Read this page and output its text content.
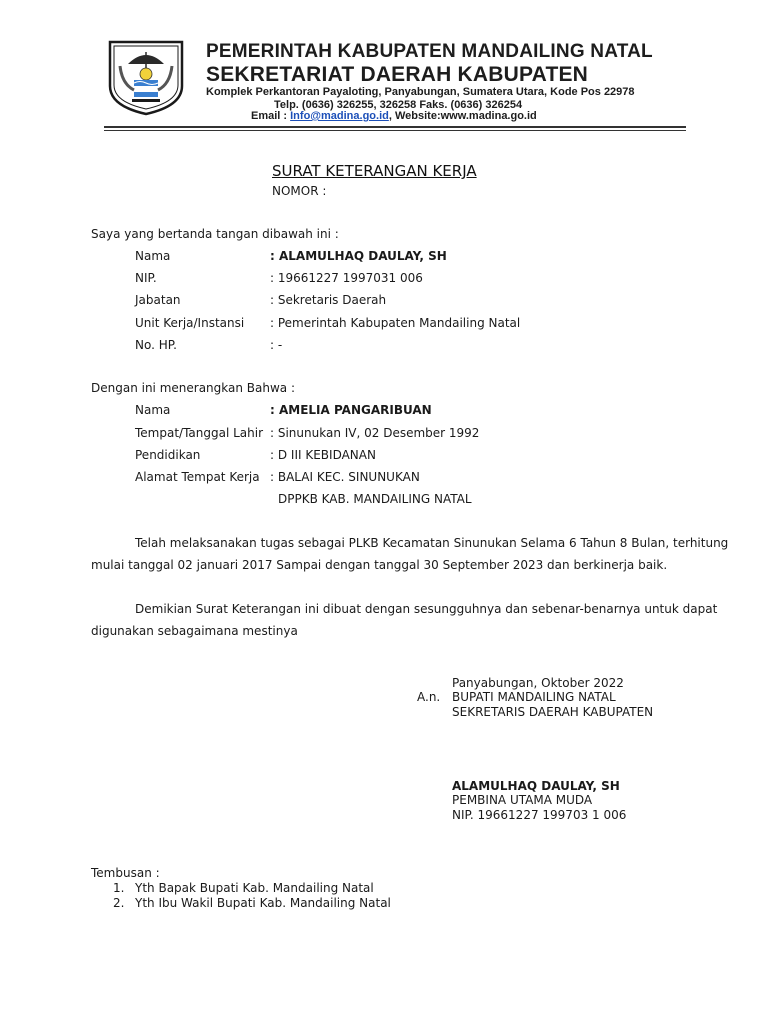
PEMERINTAH KABUPATEN MANDAILING NATAL
SEKRETARIAT DAERAH KABUPATEN
Komplek Perkantoran Payaloting, Panyabungan, Sumatera Utara, Kode Pos 22978
Telp. (0636) 326255, 326258 Faks. (0636) 326254
Email : Info@madina.go.id, Website:www.madina.go.id
SURAT KETERANGAN KERJA
NOMOR :
Saya yang bertanda tangan dibawah ini :
Nama	: ALAMULHAQ DAULAY, SH
NIP.	: 19661227 1997031 006
Jabatan	: Sekretaris Daerah
Unit Kerja/Instansi : Pemerintah Kabupaten Mandailing Natal
No. HP.	: -
Dengan ini menerangkan Bahwa :
Nama	: AMELIA PANGARIBUAN
Tempat/Tanggal Lahir : Sinunukan IV, 02 Desember 1992
Pendidikan	: D III KEBIDANAN
Alamat Tempat Kerja : BALAI KEC. SINUNUKAN
DPPKB KAB. MANDAILING NATAL
Telah melaksanakan tugas sebagai PLKB Kecamatan Sinunukan Selama 6 Tahun 8 Bulan, terhitung
mulai tanggal 02 januari 2017 Sampai dengan tanggal 30 September 2023 dan berkinerja baik.
Demikian Surat Keterangan ini dibuat dengan sesungguhnya dan sebenar-benarnya untuk dapat
digunakan sebagaimana mestinya
Panyabungan, Oktober 2022
A.n. BUPATI MANDAILING NATAL
SEKRETARIS DAERAH KABUPATEN
ALAMULHAQ DAULAY, SH
PEMBINA UTAMA MUDA
NIP. 19661227 199703 1 006
Tembusan :
1. Yth Bapak Bupati Kab. Mandailing Natal
2. Yth Ibu Wakil Bupati Kab. Mandailing Natal
